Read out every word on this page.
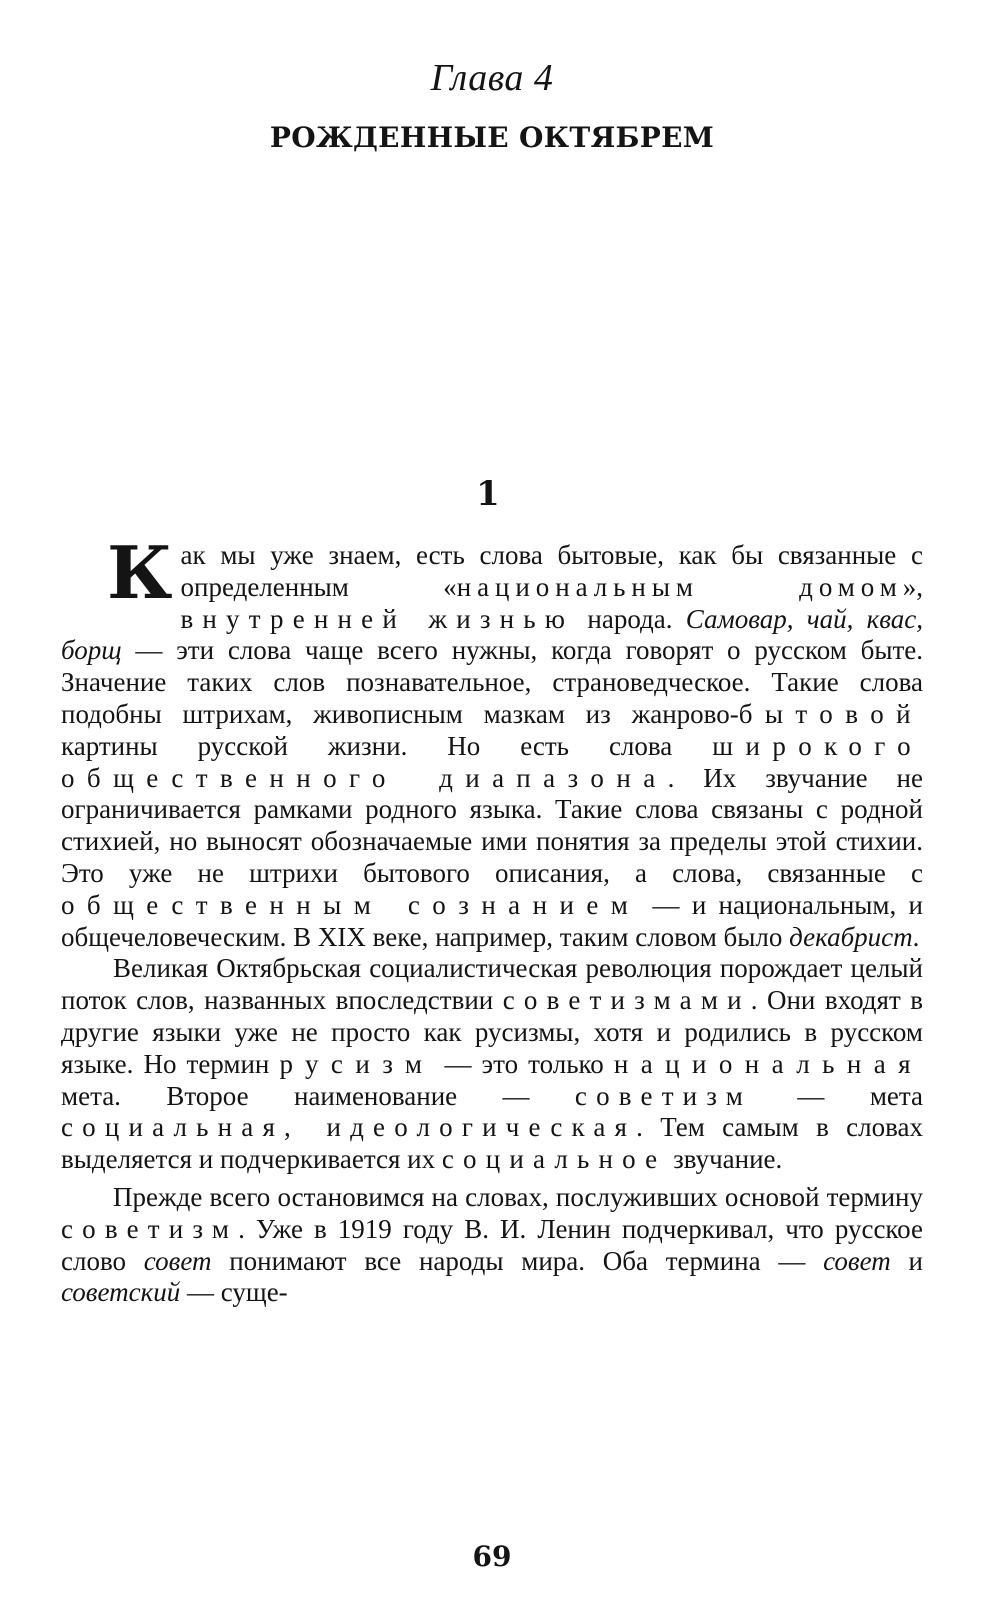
Глава 4
РОЖДЕННЫЕ ОКТЯБРЕМ
1

Как мы уже знаем, есть слова бытовые, как бы связанные с определенным «национальным домом», внутренней жизнью народа. Самовар, чай, квас, борщ — эти слова чаще всего нужны, когда говорят о русском быте. Значение таких слов познавательное, страноведческое. Такие слова подобны штрихам, живописным мазкам из жанрово-бытовой картины русской жизни. Но есть слова широкого общественного диапазона. Их звучание не ограничивается рамками родного языка. Такие слова связаны с родной стихией, но выносят обозначаемые ими понятия за пределы этой стихии. Это уже не штрихи бытового описания, а слова, связанные с общественным сознанием — и национальным, и общечеловеческим. В XIX веке, например, таким словом было декабрист.

Великая Октябрьская социалистическая революция порождает целый поток слов, названных впоследствии советизмами. Они входят в другие языки уже не просто как русизмы, хотя и родились в русском языке. Но термин русизм — это только национальная мета. Второе наименование — советизм — мета социальная, идеологическая. Тем самым в словах выделяется и подчеркивается их социальное звучание.

Прежде всего остановимся на словах, послуживших основой термину советизм. Уже в 1919 году В. И. Ленин подчеркивал, что русское слово совет понимают все народы мира. Оба термина — совет и советский — суще-

69
